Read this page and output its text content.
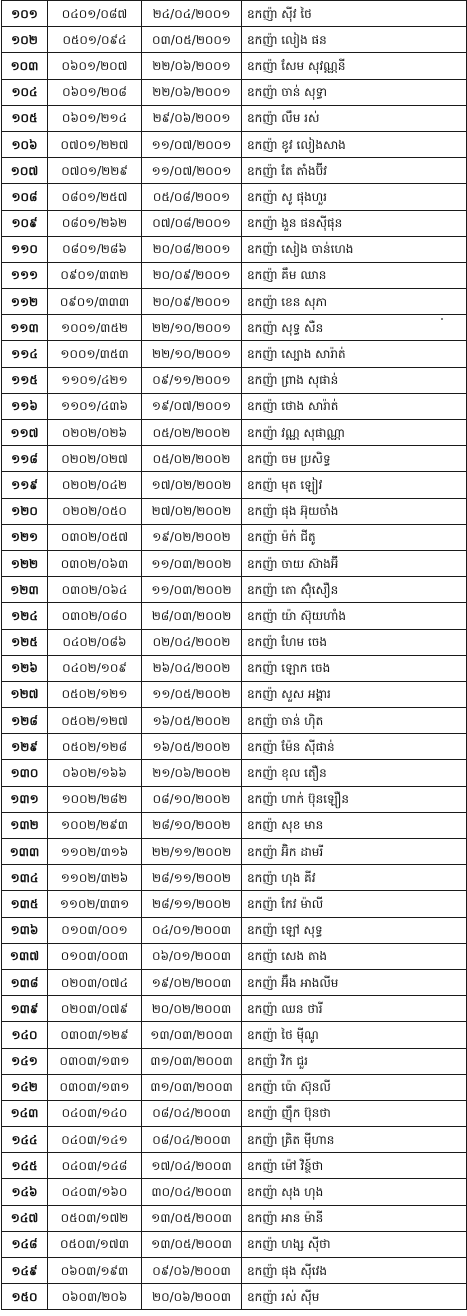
១០១	០៤០១/០៨៧	២៤/០៤/២០០១	ឧកញ៉ា ស៊ីវ ថៃ
១០២	០៥០១/០៩៤	០៣/០៥/២០០១	ឧកញ៉ា លៀង ផន
១០៣	០៦០១/២០៧	២២/០៦/២០០១	ឧកញ៉ា សែម សុវណ្ណនី
១០៤	០៦០១/២០៨	២២/០៦/២០០១	ឧកញ៉ា ចាន់ សុទ្ធា
១០៥	០៦០១/២១៤	២៩/០៦/២០០១	ឧកញ៉ា លឹម រស់
១០៦	០៧០១/២២៧	១១/០៧/២០០១	ឧកញ៉ា ខូវ លៀងសាង
១០៧	០៧០១/២២៩	១១/០៧/២០០១	ឧកញ៉ា តែ តាំងប៊ីវ
១០៨	០៨០១/២៥៧	០៥/០៨/២០០១	ឧកញ៉ា សូ ផុងហួរ
១០៩	០៨០១/២៦២	០៧/០៨/២០០១	ឧកញ៉ា ងួន ផនស៊ីផុន
១១០	០៨០១/២៨៦	២០/០៨/២០០១	ឧកញ៉ា សៀង ចាន់ហេង
១១១	០៩០១/៣៣២	២០/០៩/២០០១	ឧកញ៉ា គឹម ឈាន
១១២	០៩០១/៣៣៣	២០/០៩/២០០១	ឧកញ៉ា ខេន សុភា
១១៣	១០០១/៣៥២	២២/១០/២០០១	ឧកញ៉ា សុទ្ធ សឺន
១១៤	១០០១/៣៥៣	២២/១០/២០០១	ឧកញ៉ា ស្បោង សារ៉ាត់
១១៥	១១០១/៤២១	០៩/១១/២០០១	ឧកញ៉ា ព្រាង សុផាន់
១១៦	១១០១/៤៣៦	១៩/០៧/២០០១	ឧកញ៉ា ថោង សារ៉ាត់
១១៧	០២០២/០២៦	០៥/០២/២០០២	ឧកញ៉ា វណ្ណ សុផាណ្ណា
១១៨	០២០២/០២៧	០៥/០២/២០០២	ឧកញ៉ា ចម ប្រសិទ្ធ
១១៩	០២០២/០៤២	១៧/០២/២០០២	ឧកញ៉ា មុត ឡៀវ
១២០	០២០២/០៥០	២៧/០២/២០០២	ឧកញ៉ា ផុង អ៊ុយចាំង
១២១	០៣០២/០៥៧	១៩/០២/២០០២	ឧកញ៉ា ម៉ក់ ជីតូ
១២២	០៣០២/០៦៣	១១/០៣/២០០២	ឧកញ៉ា ចាយ ស៊ាងអ៊ី
១២៣	០៣០២/០៦៤	១១/០៣/២០០២	ឧកញ៉ា តោ ស៊ុំសឿន
១២៤	០៣០២/០៨០	២៨/០៣/២០០២	ឧកញ៉ា យ៉ា ស៊ុយហាំង
១២៥	០៤០២/០៨៦	០២/០៤/២០០២	ឧកញ៉ា ហែម ចេង
១២៦	០៤០២/១០៩	២៦/០៤/២០០២	ឧកញ៉ា ឡោក ចេង
១២៧	០៥០២/១២១	១១/០៥/២០០២	ឧកញ៉ា សួស អង្គារ
១២៨	០៥០២/១២៧	១៦/០៥/២០០២	ឧកញ៉ា ចាន់ ហ៊ិត
១២៩	០៥០២/១២៨	១៦/០៥/២០០២	ឧកញ៉ា ម៉ែន ស៊ីផាន់
១៣០	០៦០២/១៦៦	២១/០៦/២០០២	ឧកញ៉ា ខុល តឿន
១៣១	១០០២/២៨២	០៨/១០/២០០២	ឧកញ៉ា ហាក់ ប៊ុនឡឿន
១៣២	១០០២/២៩៣	២៨/១០/២០០២	ឧកញ៉ា សុខ មាន
១៣៣	១១០២/៣១៦	២២/១១/២០០២	ឧកញ៉ា អ៊ិក ដាមរី
១៣៤	១១០២/៣២៦	២៨/១១/២០០២	ឧកញ៉ា ហុង គីវ
១៣៥	១១០២/៣៣១	២៨/១១/២០០២	ឧកញ៉ា កែវ ម៉ាលី
១៣៦	០១០៣/០០១	០៤/០១/២០០៣	ឧកញ៉ា ឡៅ សុទ្ធ
១៣៧	០១០៣/០០៣	០៦/០១/២០០៣	ឧកញ៉ា សេង តាង
១៣៨	០២០៣/០៧៤	១៩/០២/២០០៣	ឧកញ៉ា អ៊ឹង អាងលីម
១៣៩	០២០៣/០៧៩	២០/០២/២០០៣	ឧកញ៉ា ឈន ថារី
១៤០	០៣០៣/១២៩	១៣/០៣/២០០៣	ឧកញ៉ា ថៃ ម៉ីណូ
១៤១	០៣០៣/១៣១	៣១/០៣/២០០៣	ឧកញ៉ា វិក ជួរ
១៤២	០៣០៣/១៣១	៣១/០៣/២០០៣	ឧកញ៉ា ប៉ោ ស៊ុនលី
១៤៣	០៤០៣/១៤០	០៨/០៤/២០០៣	ឧកញ៉ា ញ៉ឹក ប៊ុនថា
១៤៤	០៤០៣/១៤១	០៨/០៤/២០០៣	ឧកញ៉ា គ្រិត ម៉ីហាន
១៤៥	០៤០៣/១៤៨	១៧/០៤/២០០៣	ឧកញ៉ា ម៉ៅ វិន្ថ៍ថា
១៤៦	០៤០៣/១៦០	៣០/០៤/២០០៣	ឧកញ៉ា សុង ហុង
១៤៧	០៥០៣/១៧២	១៣/០៥/២០០៣	ឧកញ៉ា អាន ម៉ានី
១៤៨	០៥០៣/១៧៣	១៣/០៥/២០០៣	ឧកញ៉ា ហង្ស ស៊ីថា
១៤៩	០៦០៣/១៩៣	០៩/០៦/២០០៣	ឧកញ៉ា ផុង ស៊ីវេង
១៥០	០៦០៣/២០៦	២០/០៦/២០០៣	ឧកញ៉ា រស់ ស៊ីម
